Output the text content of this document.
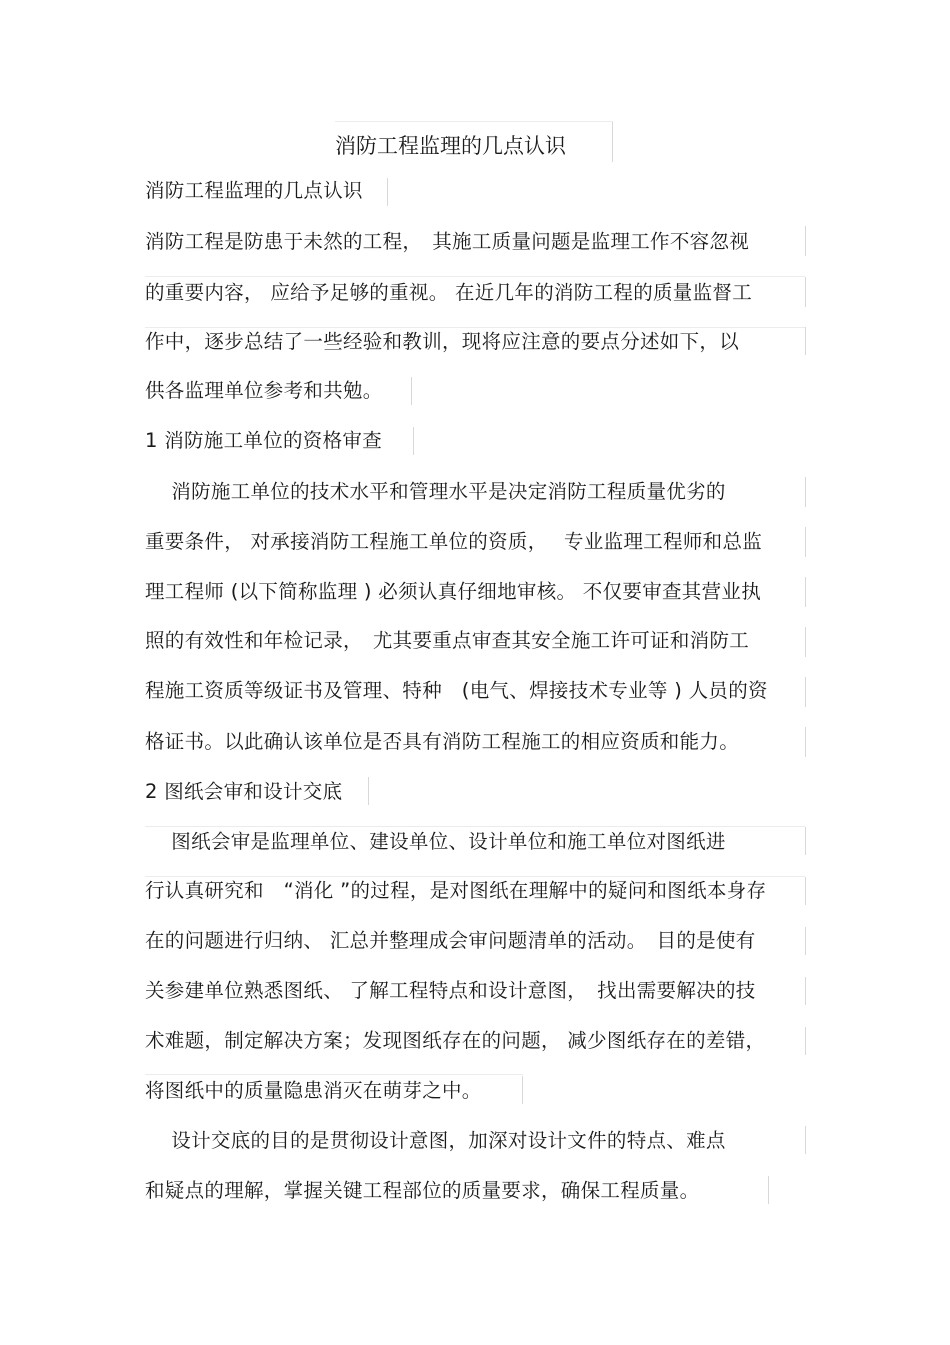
消防工程监理的几点认识
消防工程监理的几点认识
消防工程是防患于未然的工程，　其施工质量问题是监理工作不容忽视
的重要内容， 应给予足够的重视。 在近几年的消防工程的质量监督工
作中，逐步总结了一些经验和教训，现将应注意的要点分述如下，以
供各监理单位参考和共勉。
1 消防施工单位的资格审查
　 消防施工单位的技术水平和管理水平是决定消防工程质量优劣的
重要条件， 对承接消防工程施工单位的资质，　 专业监理工程师和总监
理工程师 (以下简称监理 ) 必须认真仔细地审核。 不仅要审查其营业执
照的有效性和年检记录，　尤其要重点审查其安全施工许可证和消防工
程施工资质等级证书及管理、特种　(电气、焊接技术专业等 ) 人员的资
格证书。以此确认该单位是否具有消防工程施工的相应资质和能力。
2 图纸会审和设计交底
　 图纸会审是监理单位、建设单位、设计单位和施工单位对图纸进
行认真研究和　“消化 ”的过程，是对图纸在理解中的疑问和图纸本身存
在的问题进行归纳、 汇总并整理成会审问题清单的活动。　目的是使有
关参建单位熟悉图纸、 了解工程特点和设计意图，　找出需要解决的技
术难题，制定解决方案；发现图纸存在的问题， 减少图纸存在的差错，
将图纸中的质量隐患消灭在萌芽之中。
　 设计交底的目的是贯彻设计意图，加深对设计文件的特点、难点
和疑点的理解，掌握关键工程部位的质量要求，确保工程质量。
